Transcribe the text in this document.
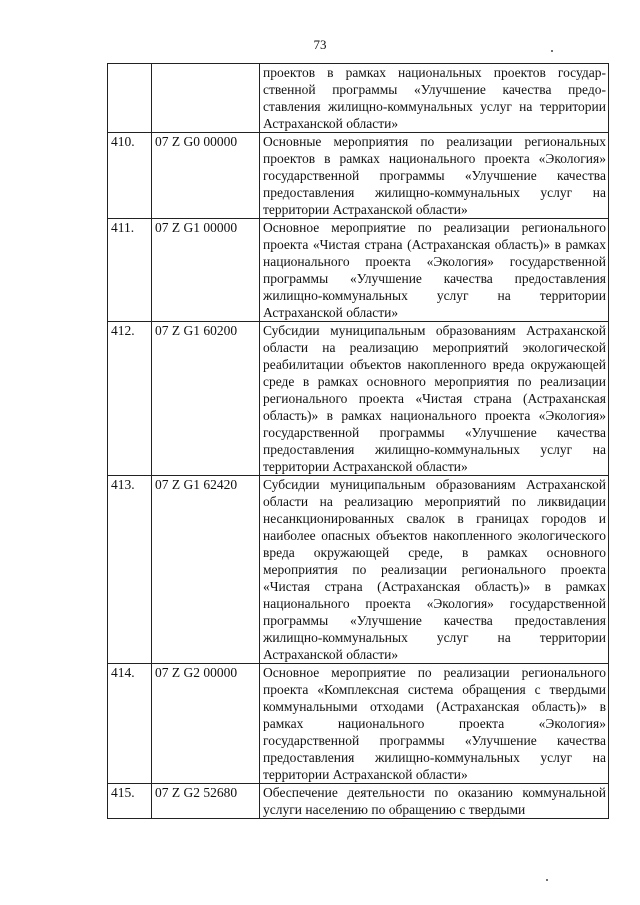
73
		проектов в рамках национальных проектов государственной программы «Улучшение качества предоставления жилищно-коммунальных услуг на территории Астраханской области»
410.	07 Z G0 00000	Основные мероприятия по реализации региональных проектов в рамках национального проекта «Экология» государственной программы «Улучшение качества предоставления жилищно-коммунальных услуг на территории Астраханской области»
411.	07 Z G1 00000	Основное мероприятие по реализации регионального проекта «Чистая страна (Астраханская область)» в рамках национального проекта «Экология» государственной программы «Улучшение качества предоставления жилищно-коммунальных услуг на территории Астраханской области»
412.	07 Z G1 60200	Субсидии муниципальным образованиям Астраханской области на реализацию мероприятий экологической реабилитации объектов накопленного вреда окружающей среде в рамках основного мероприятия по реализации регионального проекта «Чистая страна (Астраханская область)» в рамках национального проекта «Экология» государственной программы «Улучшение качества предоставления жилищно-коммунальных услуг на территории Астраханской области»
413.	07 Z G1 62420	Субсидии муниципальным образованиям Астраханской области на реализацию мероприятий по ликвидации несанкционированных свалок в границах городов и наиболее опасных объектов накопленного экологического вреда окружающей среде, в рамках основного мероприятия по реализации регионального проекта «Чистая страна (Астраханская область)» в рамках национального проекта «Экология» государственной программы «Улучшение качества предоставления жилищно-коммунальных услуг на территории Астраханской области»
414.	07 Z G2 00000	Основное мероприятие по реализации регионального проекта «Комплексная система обращения с твердыми коммунальными отходами (Астраханская область)» в рамках национального проекта «Экология» государственной программы «Улучшение качества предоставления жилищно-коммунальных услуг на территории Астраханской области»
415.	07 Z G2 52680	Обеспечение деятельности по оказанию коммунальной услуги населению по обращению с твердыми
